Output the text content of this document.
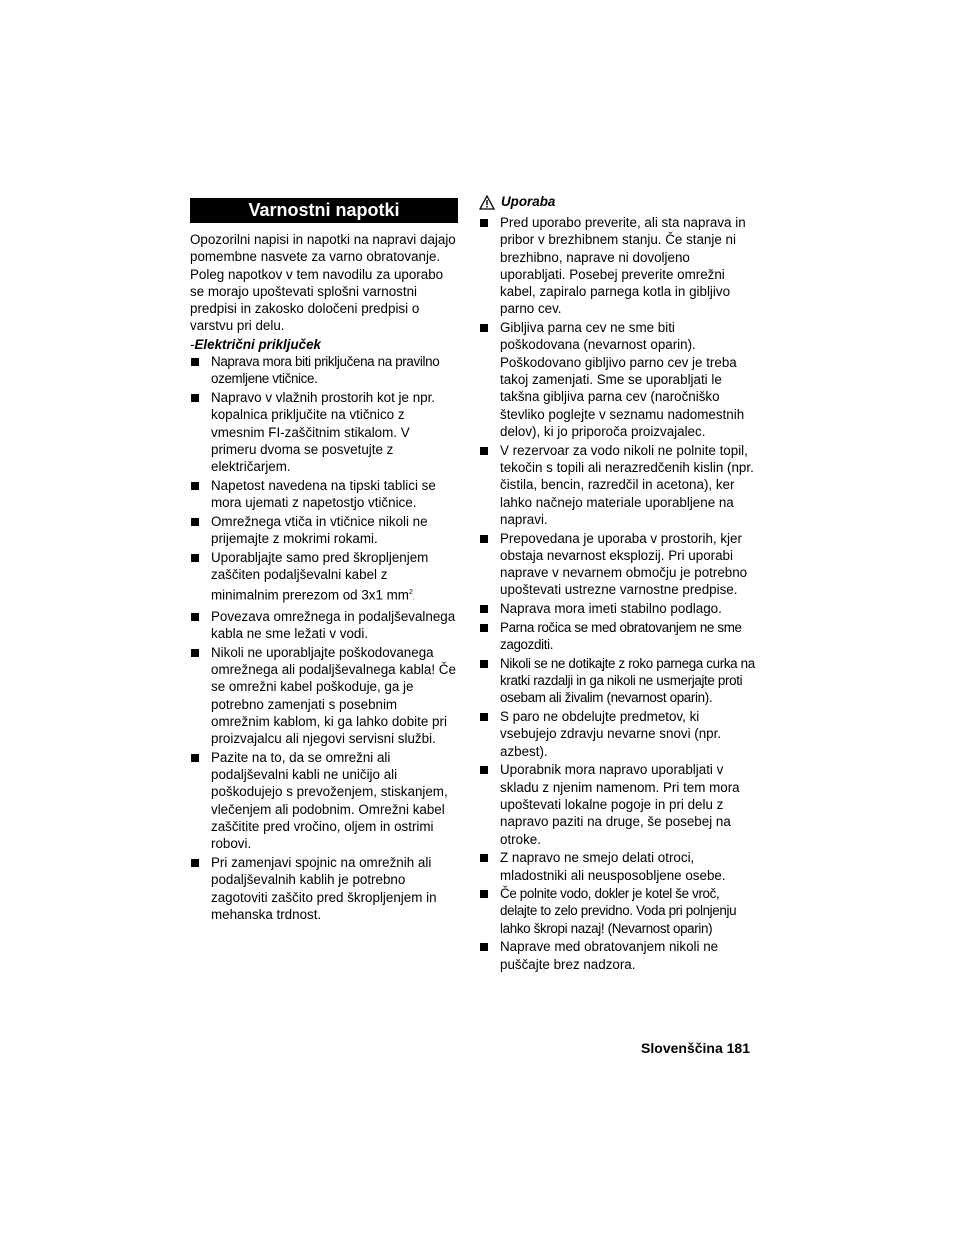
Varnostni napotki

Opozorilni napisi in napotki na napravi dajajo pomembne nasvete za varno obratovanje.

Poleg napotkov v tem navodilu za uporabo se morajo upoštevati splošni varnostni predpisi in zakosko določeni predpisi o varstvu pri delu.

-Električni priključek

Naprava mora biti priključena na pravilno ozemljene vtičnice.
Napravo v vlažnih prostorih kot je npr. kopalnica priključite na vtičnico z vmesnim FI-zaščitnim stikalom. V primeru dvoma se posvetujte z električarjem.
Napetost navedena na tipski tablici se mora ujemati z napetostjo vtičnice.
Omrežnega vtiča in vtičnice nikoli ne prijemajte z mokrimi rokami.
Uporabljajte samo pred škropljenjem zaščiten podaljševalni kabel z minimalnim prerezom od 3x1 $mm^2$.
Povezava omrežnega in podaljševalnega kabla ne sme ležati v vodi.
Nikoli ne uporabljajte poškodovanega omrežnega ali podaljševalnega kabla! Če se omrežni kabel poškoduje, ga je potrebno zamenjati s posebnim omrežnim kablom, ki ga lahko dobite pri proizvajalcu ali njegovi servisni službi.
Pazite na to, da se omrežni ali podaljševalni kabli ne uničijo ali poškodujejo s prevoženjem, stiskanjem, vlečenjem ali podobnim. Omrežni kabel zaščitite pred vročino, oljem in ostrimi robovi.
Pri zamenjavi spojnic na omrežnih ali podaljševalnih kablih je potrebno zagotoviti zaščito pred škropljenjem in mehanska trdnost.
Uporaba
Pred uporabo preverite, ali sta naprava in pribor v brezhibnem stanju. Če stanje ni brezhibno, naprave ni dovoljeno uporabljati. Posebej preverite omrežni kabel, zapiralo parnega kotla in gibljivo parno cev.
Gibljiva parna cev ne sme biti poškodovana (nevarnost oparin). Poškodovano gibljivo parno cev je treba takoj zamenjati. Sme se uporabljati le takšna gibljiva parna cev (naročniško števliko poglejte v seznamu nadomestnih delov), ki jo priporoča proizvajalec.
V rezervoar za vodo nikoli ne polnite topil, tekočin s topili ali nerazredčenih kislin (npr. čistila, bencin, razredčil in acetona), ker lahko načnejo materiale uporabljene na napravi.
Prepovedana je uporaba v prostorih, kjer obstaja nevarnost eksplozij. Pri uporabi naprave v nevarnem območju je potrebno upoštevati ustrezne varnostne predpise.
Naprava mora imeti stabilno podlago.
Parna ročica se med obratovanjem ne sme zagozditi.
Nikoli se ne dotikajte z roko parnega curka na kratki razdalji in ga nikoli ne usmerjajte proti osebam ali živalim (nevarnost oparin).
S paro ne obdelujte predmetov, ki vsebujejo zdravju nevarne snovi (npr. azbest).
Uporabnik mora napravo uporabljati v skladu z njenim namenom. Pri tem mora upoštevati lokalne pogoje in pri delu z napravo paziti na druge, še posebej na otroke.
Z napravo ne smejo delati otroci, mladostniki ali neusposobljene osebe.
Če polnite vodo, dokler je kotel še vroč, delajte to zelo previdno. Voda pri polnjenju lahko škropi nazaj! (Nevarnost oparin)
Naprave med obratovanjem nikoli ne puščajte brez nadzora.
Slovenščina 181
